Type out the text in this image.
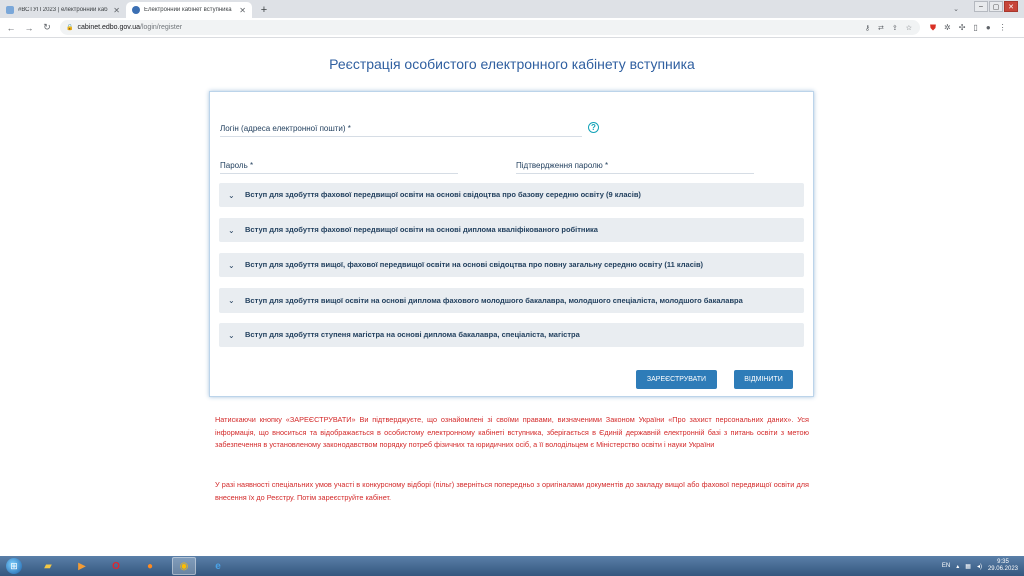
#ВСТУП 2023 | електронний каб ✕	Електронний кабінет вступника ✕	+	⌄	–	▢	✕
← →	↻	🔒 cabinet.edbo.gov.ua /login/register	⚷ ⇄ ⇪ ☆ ⛊ ✲ ✣ ▯ ● ⋮
Реєстрація особистого електронного кабінету вступника
Логін (адреса електронної пошти) *	?
Пароль *	Підтвердження паролю *
⌄	Вступ для здобуття фахової передвищої освіти на основі свідоцтва про базову середню освіту (9 класів)
⌄	Вступ для здобуття фахової передвищої освіти на основі диплома кваліфікованого робітника
⌄	Вступ для здобуття вищої, фахової передвищої освіти на основі свідоцтва про повну загальну середню освіту (11 класів)
⌄	Вступ для здобуття вищої освіти на основі диплома фахового молодшого бакалавра, молодшого спеціаліста, молодшого бакалавра
⌄	Вступ для здобуття ступеня магістра на основі диплома бакалавра, спеціаліста, магістра
ЗАРЕЄСТРУВАТИ	ВІДМІНИТИ
Натискаючи кнопку «ЗАРЕЄСТРУВАТИ» Ви підтверджуєте, що ознайомлені зі своїми правами, визначеними Законом України «Про захист персональних даних». Уся інформація, що вноситься та відображається в особистому електронному кабінеті вступника, зберігається в Єдиній державній електронній базі з питань освіти з метою забезпечення в установленому законодавством порядку потреб фізичних та юридичних осіб, а її володільцем є Міністерство освіти і науки України
У разі наявності спеціальних умов участі в конкурсному відборі (пільг) зверніться попередньо з оригіналами документів до закладу вищої або фахової передвищої освіти для внесення їх до Реєстру. Потім зареєструйте кабінет.
⊞	▰	▶	O	●	◉	e	EN ▴ ▦ ◂)
9:35
29.06.2023
